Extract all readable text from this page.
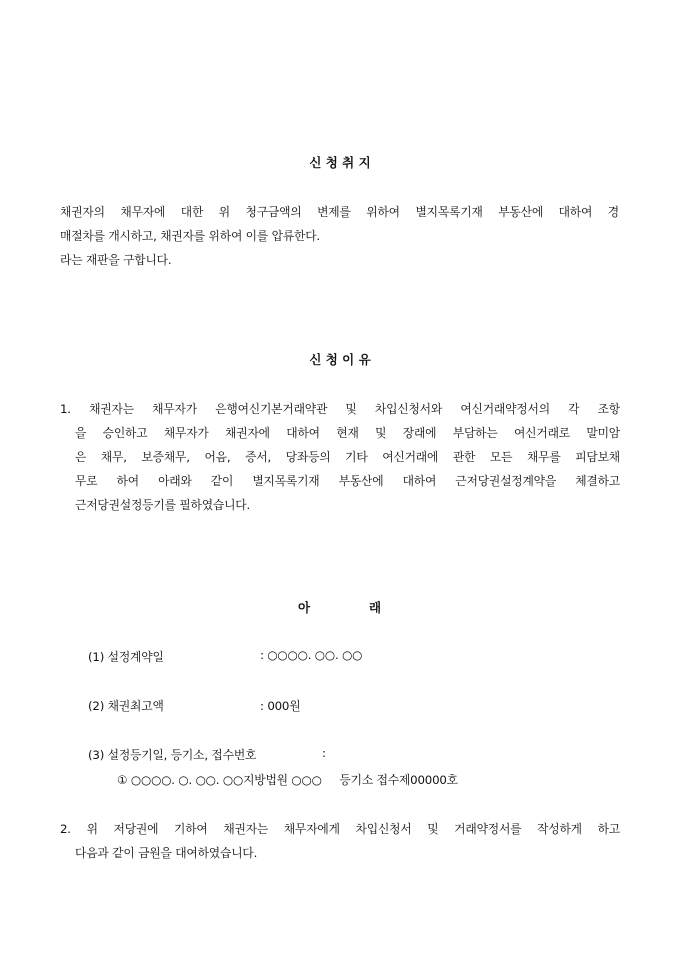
신 청 취 지
채권자의 채무자에 대한 위 청구금액의 변제를 위하여 별지목록기재 부동산에 대하여 경
매절차를 개시하고, 채권자를 위하여 이를 압류한다.
라는 재판을 구합니다.
신 청 이 유
1. 채권자는 채무자가 은행여신기본거래약관 및 차입신청서와 여신거래약정서의 각 조항
을 승인하고 채무자가 채권자에 대하여 현재 및 장래에 부담하는 여신거래로 말미암
은 채무, 보증채무, 어음, 증서, 당좌등의 기타 여신거래에 관한 모든 채무를 피담보채
무로 하여 아래와 같이 별지목록기재 부동산에 대하여 근저당권설정계약을 체결하고
근저당권설정등기를 필하였습니다.
아	래
(1) 설정계약일	: ○○○○. ○○. ○○
(2) 채권최고액	: 000원
(3) 설정등기일, 등기소, 접수번호	:
① ○○○○. ○. ○○. ○○지방법원 ○○○     등기소 접수제00000호
2. 위 저당권에 기하여 채권자는 채무자에게 차입신청서 및 거래약정서를 작성하게 하고
다음과 같이 금원을 대여하였습니다.
